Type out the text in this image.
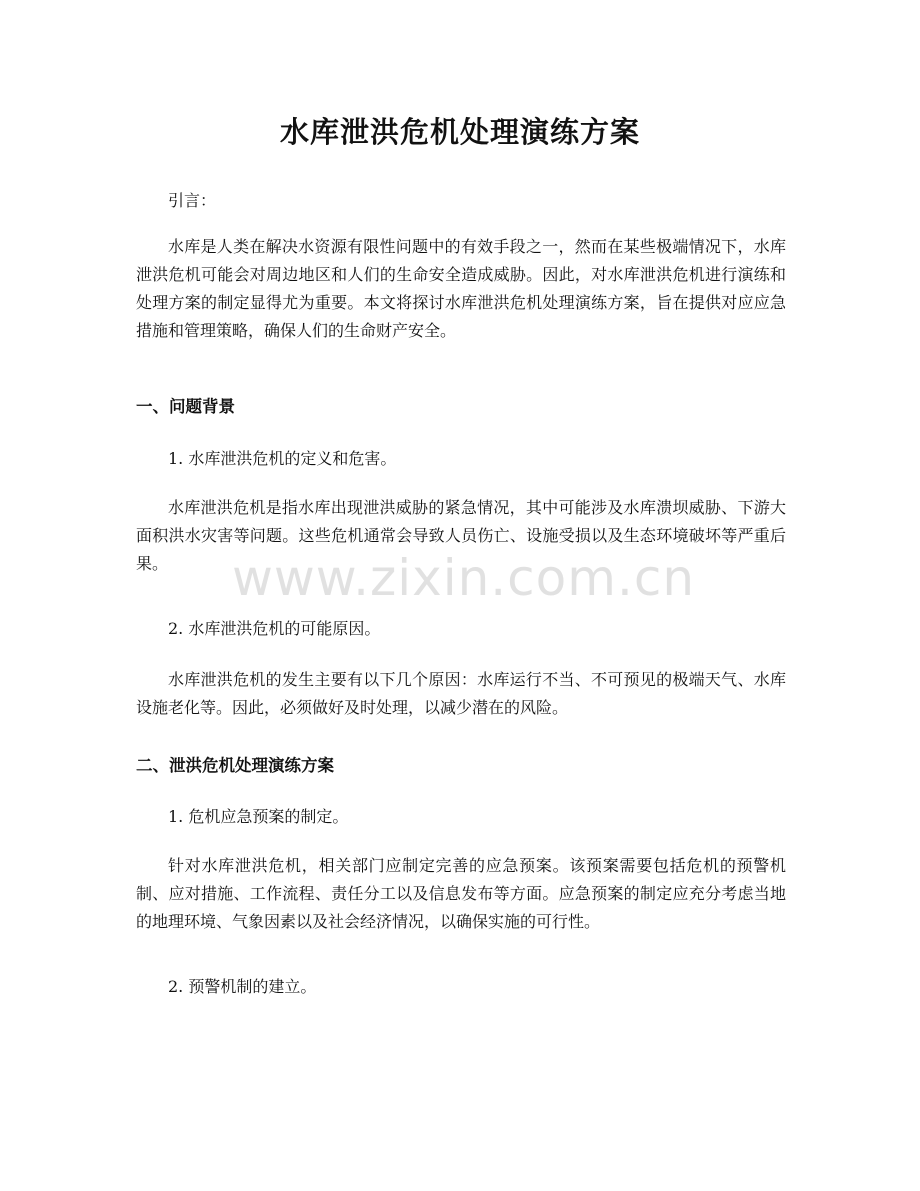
水库泄洪危机处理演练方案

引言：

水库是人类在解决水资源有限性问题中的有效手段之一，然而在某些极端情况下，水库泄洪危机可能会对周边地区和人们的生命安全造成威胁。因此，对水库泄洪危机进行演练和处理方案的制定显得尤为重要。本文将探讨水库泄洪危机处理演练方案，旨在提供对应应急措施和管理策略，确保人们的生命财产安全。

一、问题背景

1. 水库泄洪危机的定义和危害。

水库泄洪危机是指水库出现泄洪威胁的紧急情况，其中可能涉及水库溃坝威胁、下游大面积洪水灾害等问题。这些危机通常会导致人员伤亡、设施受损以及生态环境破坏等严重后果。

2. 水库泄洪危机的可能原因。

水库泄洪危机的发生主要有以下几个原因：水库运行不当、不可预见的极端天气、水库设施老化等。因此，必须做好及时处理，以减少潜在的风险。

二、泄洪危机处理演练方案

1. 危机应急预案的制定。

针对水库泄洪危机，相关部门应制定完善的应急预案。该预案需要包括危机的预警机制、应对措施、工作流程、责任分工以及信息发布等方面。应急预案的制定应充分考虑当地的地理环境、气象因素以及社会经济情况，以确保实施的可行性。

2. 预警机制的建立。

www.zixin.com.cn
